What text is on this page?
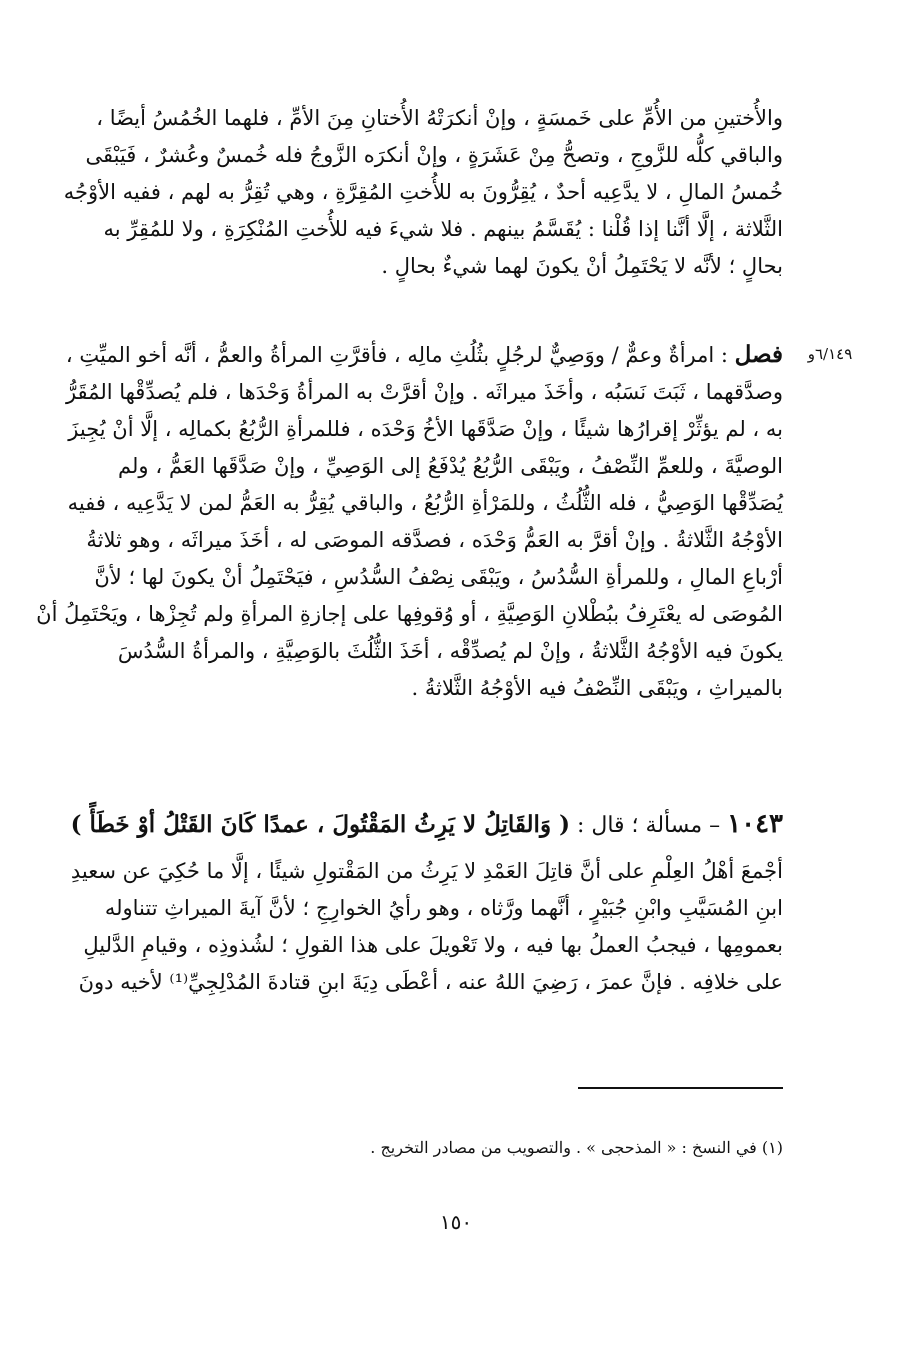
والأُختينِ من الأُمِّ على خَمسَةٍ ، وإنْ أنكرَتْهُ الأُختانِ مِنَ الأمِّ ، فلهما الخُمُسُ أيضًا ،
والباقي كلُّه للزَّوجِ ، وتصحُّ مِنْ عَشَرَةٍ ، وإنْ أنكرَه الزَّوجُ فله خُمسٌ وعُشرٌ ، فَيَبْقَى
خُمسُ المالِ ، لا يدَّعِيه أحدٌ ، يُقِرُّونَ به للأُختِ المُقِرَّةِ ، وهي تُقِرُّ به لهم ، ففيه الأوْجُه
الثَّلاثة ، إلَّا أنَّنا إذا قُلْنا : يُقَسَّمُ بينهم . فلا شيءَ فيه للأُختِ المُنْكِرَةِ ، ولا للمُقِرِّ به
بحالٍ ؛ لأنَّه لا يَحْتَمِلُ أنْ يكونَ لهما شيءٌ بحالٍ .
٦/١٤٩و
فصل : امرأةٌ وعمٌّ / ووَصِيٌّ لرجُلٍ بثُلُثِ مالِه ، فأقرَّتِ المرأةُ والعمُّ ، أنَّه أخو الميِّتِ ،
وصدَّقهما ، ثَبَتَ نَسَبُه ، وأخَذَ ميراثَه . وإنْ أقرَّتْ به المرأةُ وَحْدَها ، فلم يُصدِّقْها المُقَرُّ
به ، لم يؤثِّرْ إقرارُها شيئًا ، وإنْ صَدَّقَها الأخُ وَحْدَه ، فللمرأةِ الرُّبُعُ بكمالِه ، إلَّا أنْ يُجِيزَ
الوصيَّةَ ، وللعمِّ النِّصْفُ ، ويَبْقَى الرُّبُعُ يُدْفَعُ إلى الوَصِيِّ ، وإنْ صَدَّقَها العَمُّ ، ولم
يُصَدِّقْها الوَصِيُّ ، فله الثُّلُثُ ، وللمَرْأةِ الرُّبُعُ ، والباقي يُقِرُّ به العَمُّ لمن لا يَدَّعِيه ، ففيه
الأوْجُهُ الثَّلاثةُ . وإنْ أقرَّ به العَمُّ وَحْدَه ، فصدَّقه الموصَى له ، أخَذَ ميراثَه ، وهو ثلاثةُ
أرْباعِ المالِ ، وللمرأةِ السُّدُسُ ، ويَبْقَى نِصْفُ السُّدُسِ ، فيَحْتَمِلُ أنْ يكونَ لها ؛ لأنَّ
المُوصَى له يعْتَرِفُ ببُطْلانِ الوَصِيَّةِ ، أو وُقوفِها على إجازةِ المرأةِ ولم تُجِزْها ، ويَحْتَمِلُ أنْ
يكونَ فيه الأوْجُهُ الثَّلاثةُ ، وإنْ لم يُصدِّقْه ، أخَذَ الثُّلُثَ بالوَصِيَّةِ ، والمرأةُ السُّدُسَ
بالميراثِ ، ويَبْقَى النِّصْفُ فيه الأوْجُهُ الثَّلاثةُ .
١٠٤٣ – مسألة ؛ قال : ( وَالقَاتِلُ لا يَرِثُ المَقْتُولَ ، عمدًا كَانَ القَتْلُ أوْ خَطَأً )
أجْمعَ أهْلُ العِلْمِ على أنَّ قاتِلَ العَمْدِ لا يَرِثُ من المَقْتولِ شيئًا ، إلَّا ما حُكِيَ عن سعيدِ
ابنِ المُسَيَّبِ وابْنِ جُبَيْرٍ ، أنَّهما ورَّثاه ، وهو رأيُ الخوارِجِ ؛ لأنَّ آيةَ الميراثِ تتناوله
بعمومِها ، فيجبُ العملُ بها فيه ، ولا تَعْويلَ على هذا القولِ ؛ لشُذوذِه ، وقيامِ الدَّليلِ
على خلافِه . فإنَّ عمرَ ، رَضِيَ اللهُ عنه ، أعْطَى دِيَةَ ابنِ قتادةَ المُدْلِجِيِّ⁽¹⁾ لأخيه دونَ
(١) في النسخ : « المذحجى » . والتصويب من مصادر التخريج .
١٥٠
